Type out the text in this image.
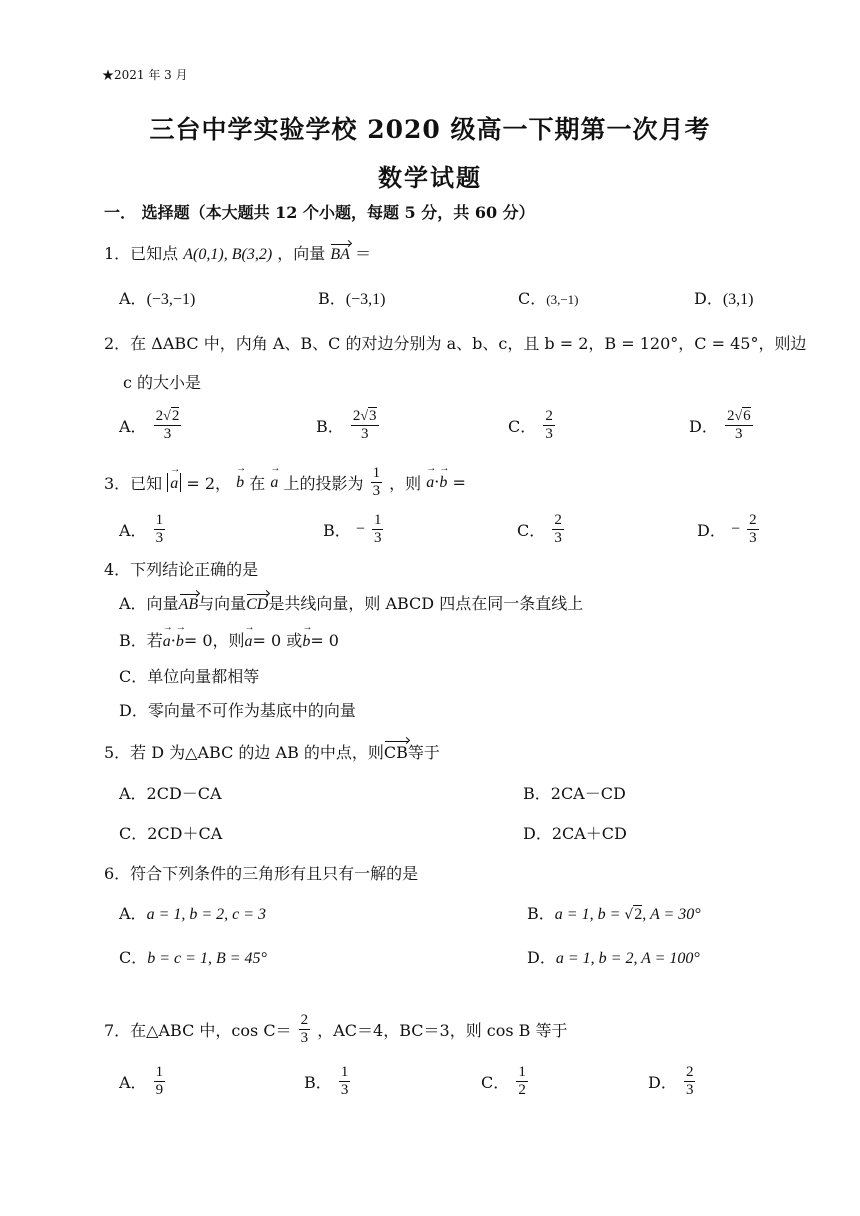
★2021 年 3 月
三台中学实验学校 2020 级高一下期第一次月考
数学试题
一． 选择题（本大题共 12 个小题，每题 5 分，共 60 分）
1．已知点 A(0,1), B(3,2) ，向量 BA ＝
A．(−3,−1)	B．(−3,1)	C．(3,−1)	D．(3,1)
2．在 ΔABC 中，内角 A、B、C 的对边分别为 a、b、c，且 b = 2，B = 120°，C = 45°，则边
c 的大小是
A． $\frac{2√2}{3}$	B． $\frac{2√3}{3}$	C． $\frac{2}{3}$	D． $\frac{2√6}{3}$
3．已知 a → = 2， b → 在 a → 上的投影为 $\frac{1}{3}$ ，则 a →·b → =
A． $\frac{1}{3}$	B． − $\frac{1}{3}$	C． $\frac{2}{3}$	D． − $\frac{2}{3}$
4．下列结论正确的是
A．向量AB与向量CD是共线向量，则 ABCD 四点在同一条直线上
B．若a →·b →= 0，则a →= 0 或b →= 0
C．单位向量都相等
D．零向量不可作为基底中的向量
5．若 D 为△ABC 的边 AB 的中点，则CB等于
A．2CD－CA	B．2CA－CD
C．2CD＋CA	D．2CA＋CD
6．符合下列条件的三角形有且只有一解的是
A．a = 1, b = 2, c = 3	B．a = 1, b = √2, A = 30°
C．b = c = 1, B = 45°	D．a = 1, b = 2, A = 100°
7．在△ABC 中，$\cos C= \frac{2}{3}$ ，AC＝4，BC＝3，则 cos B 等于
A． $\frac{1}{9}$	B． $\frac{1}{3}$	C． $\frac{1}{2}$	D． $\frac{2}{3}$
